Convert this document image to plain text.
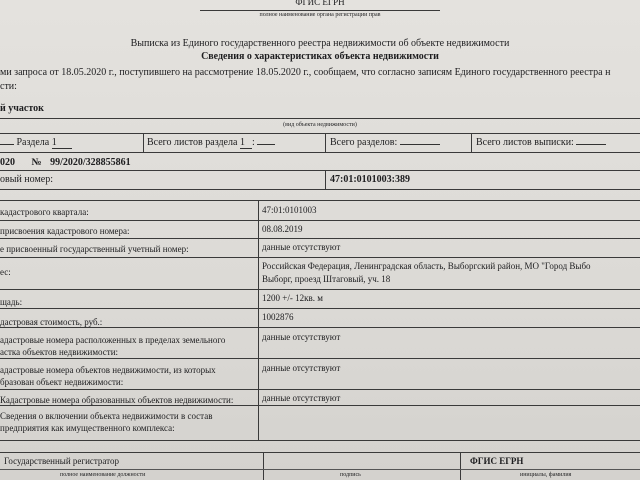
ФГИС ЕГРН
полное наименование органа регистрации прав
Выписка из Единого государственного реестра недвижимости об объекте недвижимости
Сведения о характеристиках объекта недвижимости
ми запроса от 18.05.2020 г., поступившего на рассмотрение 18.05.2020 г., сообщаем, что согласно записям Единого государственного реестра н
сти:
й участок
(вид объекта недвижимости)
Раздела 1	Всего листов раздела 1 :	Всего разделов:	Всего листов выписки:
020 № 99/2020/328855861
овый номер:	47:01:0101003:389
кадастрового квартала:	47:01:0101003
присвоения кадастрового номера:	08.08.2019
е присвоенный государственный учетный номер:	данные отсутствуют
ес:
Российская Федерация, Ленинградская область, Выборгский район, МО "Город Выбо
Выборг, проезд Штаговый, уч. 18
щадь:	1200 +/- 12кв. м
дастровая стоимость, руб.:	1002876
адастровые номера расположенных в пределах земельного
астка объектов недвижимости:
данные отсутствуют
адастровые номера объектов недвижимости, из которых
бразован объект недвижимости:
данные отсутствуют
Кадастровые номера образованных объектов недвижимости:	данные отсутствуют
Сведения о включении объекта недвижимости в состав
предприятия как имущественного комплекса:
Государственный регистратор	ФГИС ЕГРН
полное наименование должности	подпись	инициалы, фамилия
